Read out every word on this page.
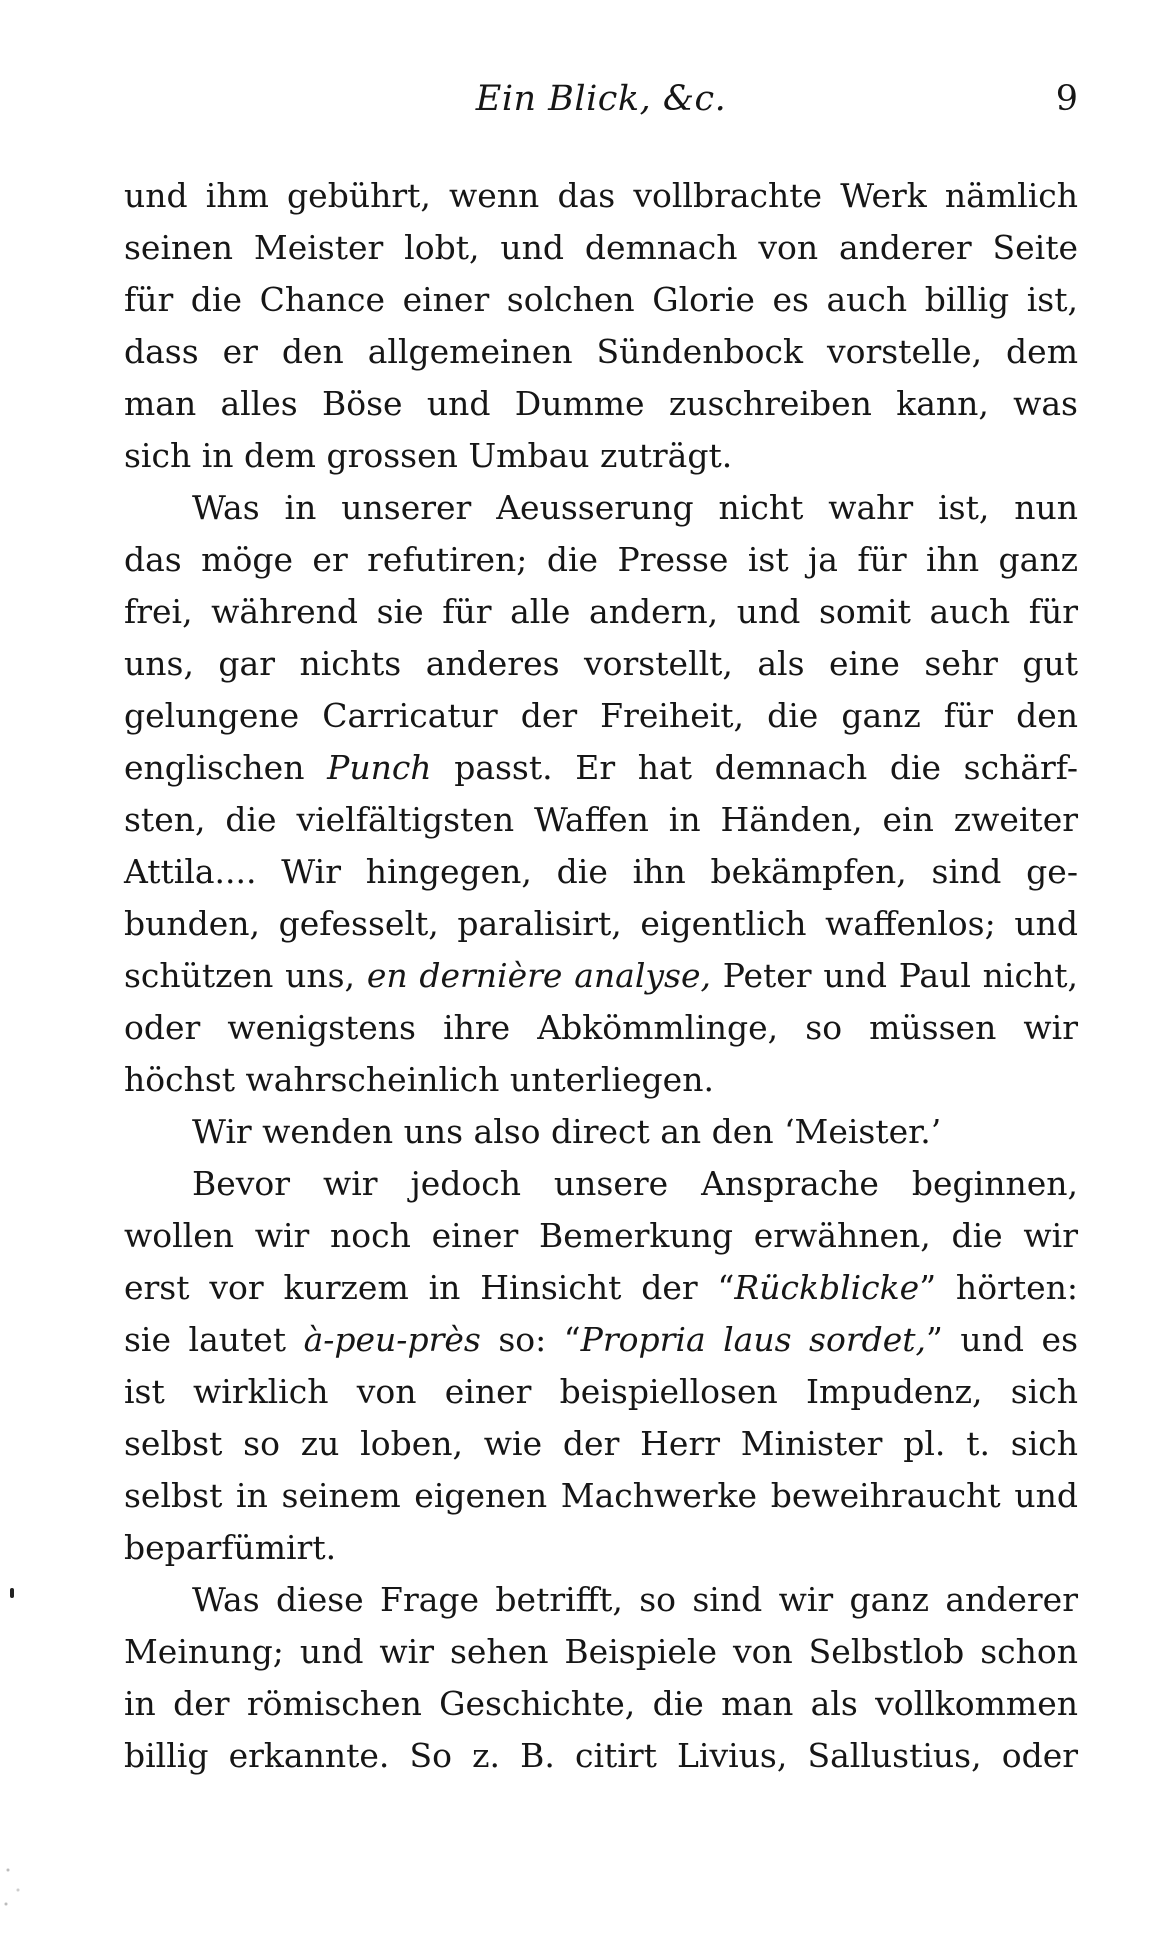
Ein Blick, &c.	9
und ihm gebührt, wenn das vollbrachte Werk nämlich
seinen Meister lobt, und demnach von anderer Seite
für die Chance einer solchen Glorie es auch billig ist,
dass er den allgemeinen Sündenbock vorstelle, dem
man alles Böse und Dumme zuschreiben kann, was
sich in dem grossen Umbau zuträgt.
Was in unserer Aeusserung nicht wahr ist, nun
das möge er refutiren; die Presse ist ja für ihn ganz
frei, während sie für alle andern, und somit auch für
uns, gar nichts anderes vorstellt, als eine sehr gut
gelungene Carricatur der Freiheit, die ganz für den
englischen Punch passt. Er hat demnach die schärf-
sten, die vielfältigsten Waffen in Händen, ein zweiter
Attila.... Wir hingegen, die ihn bekämpfen, sind ge-
bunden, gefesselt, paralisirt, eigentlich waffenlos; und
schützen uns, en dernière analyse, Peter und Paul nicht,
oder wenigstens ihre Abkömmlinge, so müssen wir
höchst wahrscheinlich unterliegen.
Wir wenden uns also direct an den ‘Meister.’
Bevor wir jedoch unsere Ansprache beginnen,
wollen wir noch einer Bemerkung erwähnen, die wir
erst vor kurzem in Hinsicht der “Rückblicke” hörten:
sie lautet à-peu-près so: “Propria laus sordet,” und es
ist wirklich von einer beispiellosen Impudenz, sich
selbst so zu loben, wie der Herr Minister pl. t. sich
selbst in seinem eigenen Machwerke beweihraucht und
beparfümirt.
Was diese Frage betrifft, so sind wir ganz anderer
Meinung; und wir sehen Beispiele von Selbstlob schon
in der römischen Geschichte, die man als vollkommen
billig erkannte. So z. B. citirt Livius, Sallustius, oder
